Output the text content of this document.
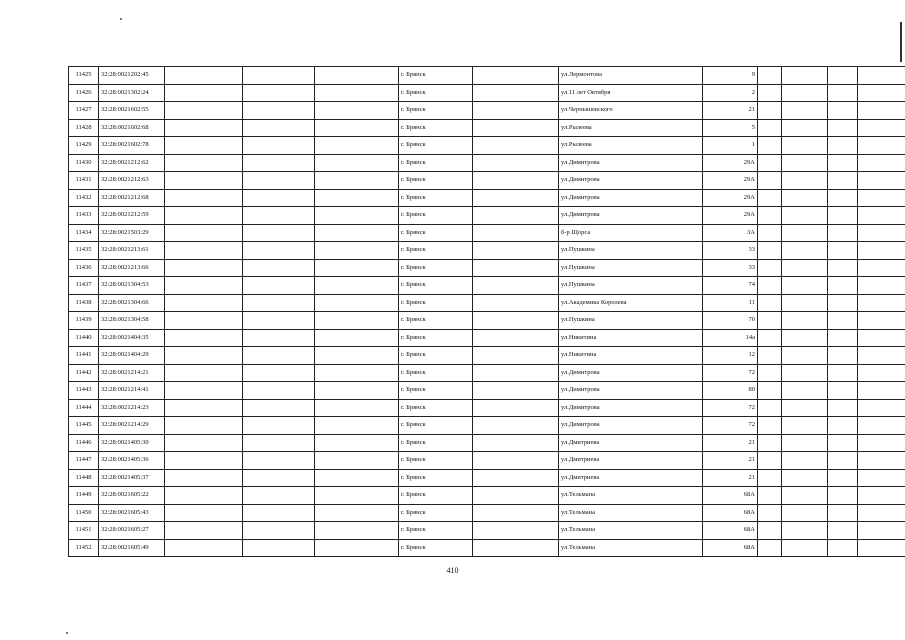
11425	32:28:0021202:45				г. Брянск		ул.Лермонтова	9				
11426	32:28:0021302:24				г. Брянск		ул.11 лет Октября	2				
11427	32:28:0021602:55				г. Брянск		ул.Чернышевского	21				
11428	32:28:0021602:68				г. Брянск		ул.Рылеева	5				
11429	32:28:0021602:78				г. Брянск		ул.Рылеева	1				
11430	32:28:0021212:62				г. Брянск		ул.Димитрова	29А				
11431	32:28:0021212:63				г. Брянск		ул.Димитрова	29А				
11432	32:28:0021212:68				г. Брянск		ул.Димитрова	29А				
11433	32:28:0021212:59				г. Брянск		ул.Димитрова	29А				
11434	32:28:0021503:29				г. Брянск		б-р Щорса	3А				
11435	32:28:0021213:61				г. Брянск		ул.Пушкина	33				
11436	32:28:0021213:66				г. Брянск		ул.Пушкина	33				
11437	32:28:0021304:53				г. Брянск		ул.Пушкина	74				
11438	32:28:0021304:66				г. Брянск		ул.Академика Королева	11				
11439	32:28:0021304:58				г. Брянск		ул.Пушкина	70				
11440	32:28:0021404:35				г. Брянск		ул.Никитина	14а				
11441	32:28:0021404:29				г. Брянск		ул.Никитина	12				
11442	32:28:0021214:21				г. Брянск		ул.Димитрова	72				
11443	32:28:0021214:41				г. Брянск		ул.Димитрова	80				
11444	32:28:0021214:23				г. Брянск		ул.Димитрова	72				
11445	32:28:0021214:29				г. Брянск		ул.Димитрова	72				
11446	32:28:0021405:30				г. Брянск		ул.Дмитриева	21				
11447	32:28:0021405:36				г. Брянск		ул.Дмитриева	21				
11448	32:28:0021405:37				г. Брянск		ул.Дмитриева	21				
11449	32:28:0021605:22				г. Брянск		ул.Тельмана	68А				
11450	32:28:0021605:43				г. Брянск		ул.Тельмана	68А				
11451	32:28:0021605:27				г. Брянск		ул.Тельмана	68А				
11452	32:28:0021605:49				г. Брянск		ул.Тельмана	68А				
410
